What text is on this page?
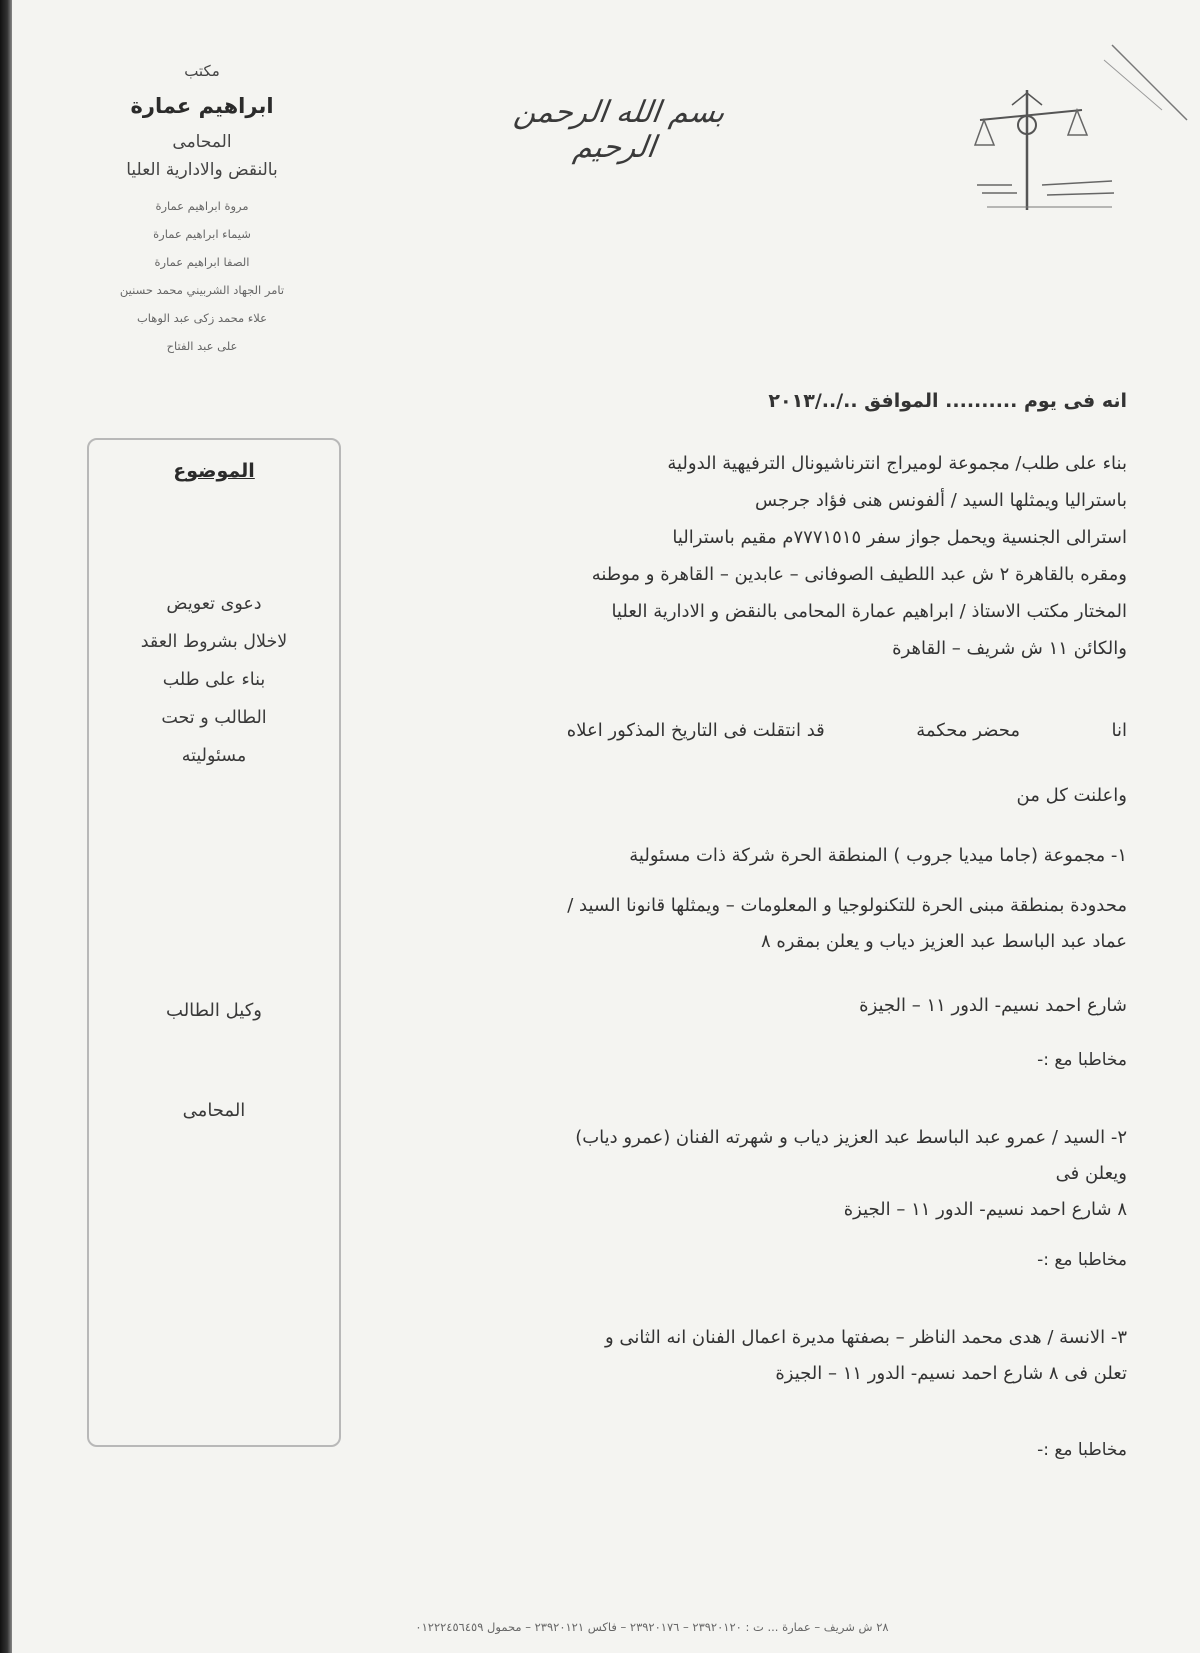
بسم الله الرحمن الرحيم
مكتب
ابراهيم عمارة
المحامى
بالنقض والادارية العليا
مروة ابراهيم عمارة
شيماء ابراهيم عمارة
الصفا ابراهيم عمارة
تامر الجهاد الشربيني محمد حسنين
علاء محمد زكى عبد الوهاب
على عبد الفتاح
الموضوع
دعوى تعويض
لاخلال بشروط العقد
بناء على طلب
الطالب و تحت
مسئوليته
وكيل الطالب
المحامى
انه فى يوم .......... الموافق ../../٢٠١٣
بناء على طلب/ مجموعة لوميراج انترناشيونال الترفيهية الدولية
باستراليا ويمثلها السيد / ألفونس هنى فؤاد جرجس
استرالى الجنسية ويحمل جواز سفر ٧٧٧١٥١٥م مقيم باستراليا
ومقره بالقاهرة ٢ ش عبد اللطيف الصوفانى – عابدين – القاهرة و موطنه
المختار مكتب الاستاذ / ابراهيم عمارة المحامى بالنقض و الادارية العليا
والكائن ١١ ش شريف – القاهرة
انا  محضر محكمة  قد انتقلت فى التاريخ المذكور اعلاه
واعلنت كل من
١- مجموعة (جاما ميديا جروب ) المنطقة الحرة شركة ذات مسئولية
محدودة بمنطقة مبنى الحرة للتكنولوجيا و المعلومات – ويمثلها قانونا السيد /
عماد عبد الباسط عبد العزيز دياب و يعلن بمقره ٨
شارع احمد نسيم- الدور ١١ – الجيزة
مخاطبا مع :-
٢- السيد / عمرو عبد الباسط عبد العزيز دياب و شهرته الفنان (عمرو دياب)
ويعلن فى
٨ شارع احمد نسيم- الدور ١١ – الجيزة
مخاطبا مع :-
٣- الانسة / هدى محمد الناظر – بصفتها مديرة اعمال الفنان انه الثانى و
تعلن فى ٨ شارع احمد نسيم- الدور ١١ – الجيزة
مخاطبا مع :-
٢٨ ش شريف – عمارة ... ت : ٢٣٩٢٠١٢٠ – ٢٣٩٢٠١٧٦ – فاكس ٢٣٩٢٠١٢١ – محمول ٠١٢٢٢٤٥٦٤٥٩
